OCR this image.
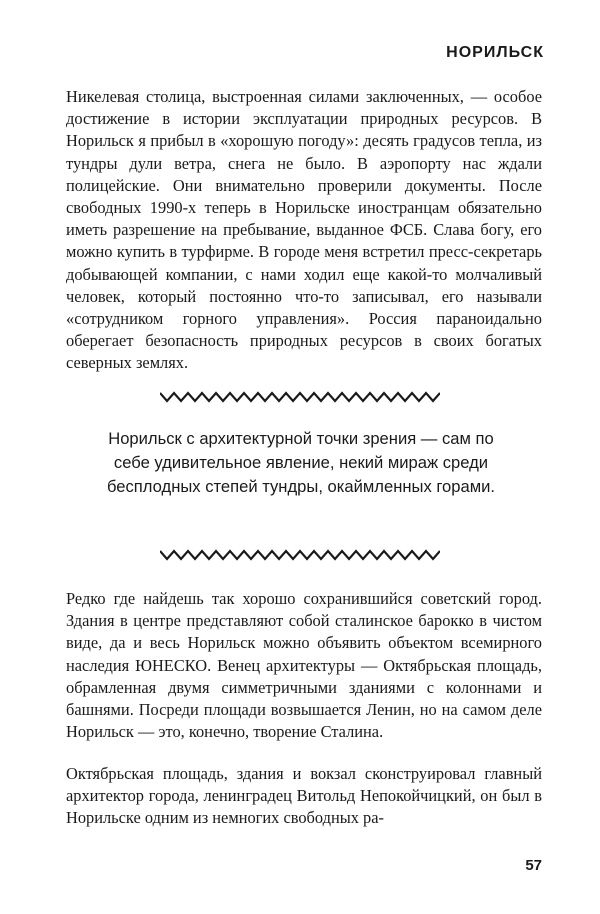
НОРИЛЬСК

Никелевая столица, выстроенная силами заключенных, — особое достижение в истории эксплуатации природных ресурсов. В Норильск я прибыл в «хорошую погоду»: десять градусов тепла, из тундры дули ветра, снега не было. В аэропорту нас ждали полицейские. Они внимательно проверили документы. После свободных 1990-х теперь в Норильске иностранцам обязательно иметь разрешение на пребывание, выданное ФСБ. Слава богу, его можно купить в турфирме. В городе меня встретил пресс-секретарь добывающей компании, с нами ходил еще какой-то молчаливый человек, который постоянно что-то записывал, его называли «сотрудником горного управления». Россия параноидально оберегает безопасность природных ресурсов в своих богатых северных землях.

Норильск с архитектурной точки зрения — сам по себе удивительное явление, некий мираж среди бесплодных степей тундры, окаймленных горами.

Редко где найдешь так хорошо сохранившийся советский город. Здания в центре представляют собой сталинское барокко в чистом виде, да и весь Норильск можно объявить объектом всемирного наследия ЮНЕСКО. Венец архитектуры — Октябрьская площадь, обрамленная двумя симметричными зданиями с колоннами и башнями. Посреди площади возвышается Ленин, но на самом деле Норильск — это, конечно, творение Сталина.

Октябрьская площадь, здания и вокзал сконструировал главный архитектор города, ленинградец Витольд Непокойчицкий, он был в Норильске одним из немногих свободных ра-

57
